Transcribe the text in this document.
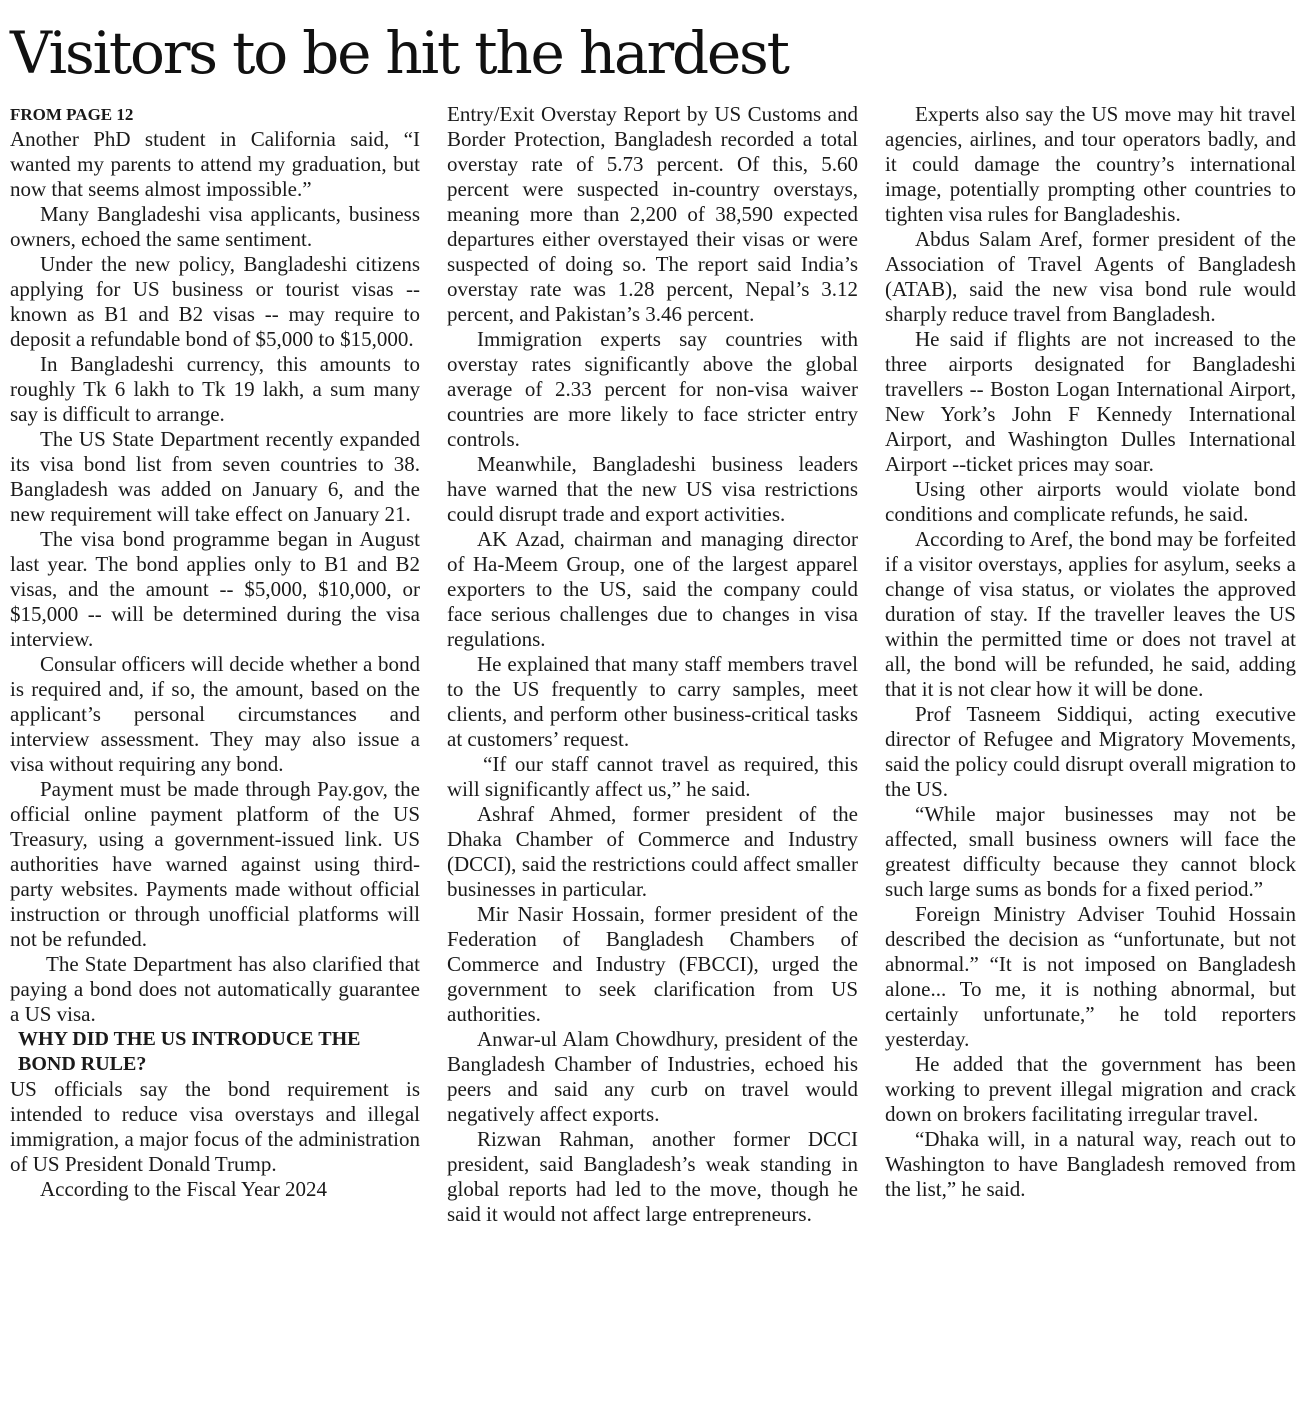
Visitors to be hit the hardest
FROM PAGE 12

Another PhD student in California said, “I wanted my parents to attend my graduation, but now that seems almost impossible.”

Many Bangladeshi visa applicants, business owners, echoed the same sentiment.

Under the new policy, Bangladeshi citizens applying for US business or tourist visas -- known as B1 and B2 visas -- may require to deposit a refundable bond of $5,000 to $15,000.

In Bangladeshi currency, this amounts to roughly Tk 6 lakh to Tk 19 lakh, a sum many say is difficult to arrange.

The US State Department recently expanded its visa bond list from seven countries to 38. Bangladesh was added on January 6, and the new requirement will take effect on January 21.

The visa bond programme began in August last year. The bond applies only to B1 and B2 visas, and the amount -- $5,000, $10,000, or $15,000 -- will be determined during the visa interview.

Consular officers will decide whether a bond is required and, if so, the amount, based on the applicant’s personal circumstances and interview assessment. They may also issue a visa without requiring any bond.

Payment must be made through Pay.gov, the official online payment platform of the US Treasury, using a government-issued link. US authorities have warned against using third-party websites. Payments made without official instruction or through unofficial platforms will not be refunded.

The State Department has also clarified that paying a bond does not automatically guarantee a US visa.

WHY DID THE US INTRODUCE THE BOND RULE?

US officials say the bond requirement is intended to reduce visa overstays and illegal immigration, a major focus of the administration of US President Donald Trump.

According to the Fiscal Year 2024

Entry/Exit Overstay Report by US Customs and Border Protection, Bangladesh recorded a total overstay rate of 5.73 percent. Of this, 5.60 percent were suspected in-country overstays, meaning more than 2,200 of 38,590 expected departures either overstayed their visas or were suspected of doing so. The report said India’s overstay rate was 1.28 percent, Nepal’s 3.12 percent, and Pakistan’s 3.46 percent.

Immigration experts say countries with overstay rates significantly above the global average of 2.33 percent for non-visa waiver countries are more likely to face stricter entry controls.

Meanwhile, Bangladeshi business leaders have warned that the new US visa restrictions could disrupt trade and export activities.

AK Azad, chairman and managing director of Ha-Meem Group, one of the largest apparel exporters to the US, said the company could face serious challenges due to changes in visa regulations.

He explained that many staff members travel to the US frequently to carry samples, meet clients, and perform other business-critical tasks at customers’ request.

“If our staff cannot travel as required, this will significantly affect us,” he said.

Ashraf Ahmed, former president of the Dhaka Chamber of Commerce and Industry (DCCI), said the restrictions could affect smaller businesses in particular.

Mir Nasir Hossain, former president of the Federation of Bangladesh Chambers of Commerce and Industry (FBCCI), urged the government to seek clarification from US authorities.

Anwar-ul Alam Chowdhury, president of the Bangladesh Chamber of Industries, echoed his peers and said any curb on travel would negatively affect exports.

Rizwan Rahman, another former DCCI president, said Bangladesh’s weak standing in global reports had led to the move, though he said it would not affect large entrepreneurs.

Experts also say the US move may hit travel agencies, airlines, and tour operators badly, and it could damage the country’s international image, potentially prompting other countries to tighten visa rules for Bangladeshis.

Abdus Salam Aref, former president of the Association of Travel Agents of Bangladesh (ATAB), said the new visa bond rule would sharply reduce travel from Bangladesh.

He said if flights are not increased to the three airports designated for Bangladeshi travellers -- Boston Logan International Airport, New York’s John F Kennedy International Airport, and Washington Dulles International Airport --ticket prices may soar.

Using other airports would violate bond conditions and complicate refunds, he said.

According to Aref, the bond may be forfeited if a visitor overstays, applies for asylum, seeks a change of visa status, or violates the approved duration of stay. If the traveller leaves the US within the permitted time or does not travel at all, the bond will be refunded, he said, adding that it is not clear how it will be done.

Prof Tasneem Siddiqui, acting executive director of Refugee and Migratory Movements, said the policy could disrupt overall migration to the US.

“While major businesses may not be affected, small business owners will face the greatest difficulty because they cannot block such large sums as bonds for a fixed period.”

Foreign Ministry Adviser Touhid Hossain described the decision as “unfortunate, but not abnormal.” “It is not imposed on Bangladesh alone... To me, it is nothing abnormal, but certainly unfortunate,” he told reporters yesterday.

He added that the government has been working to prevent illegal migration and crack down on brokers facilitating irregular travel.

“Dhaka will, in a natural way, reach out to Washington to have Bangladesh removed from the list,” he said.
